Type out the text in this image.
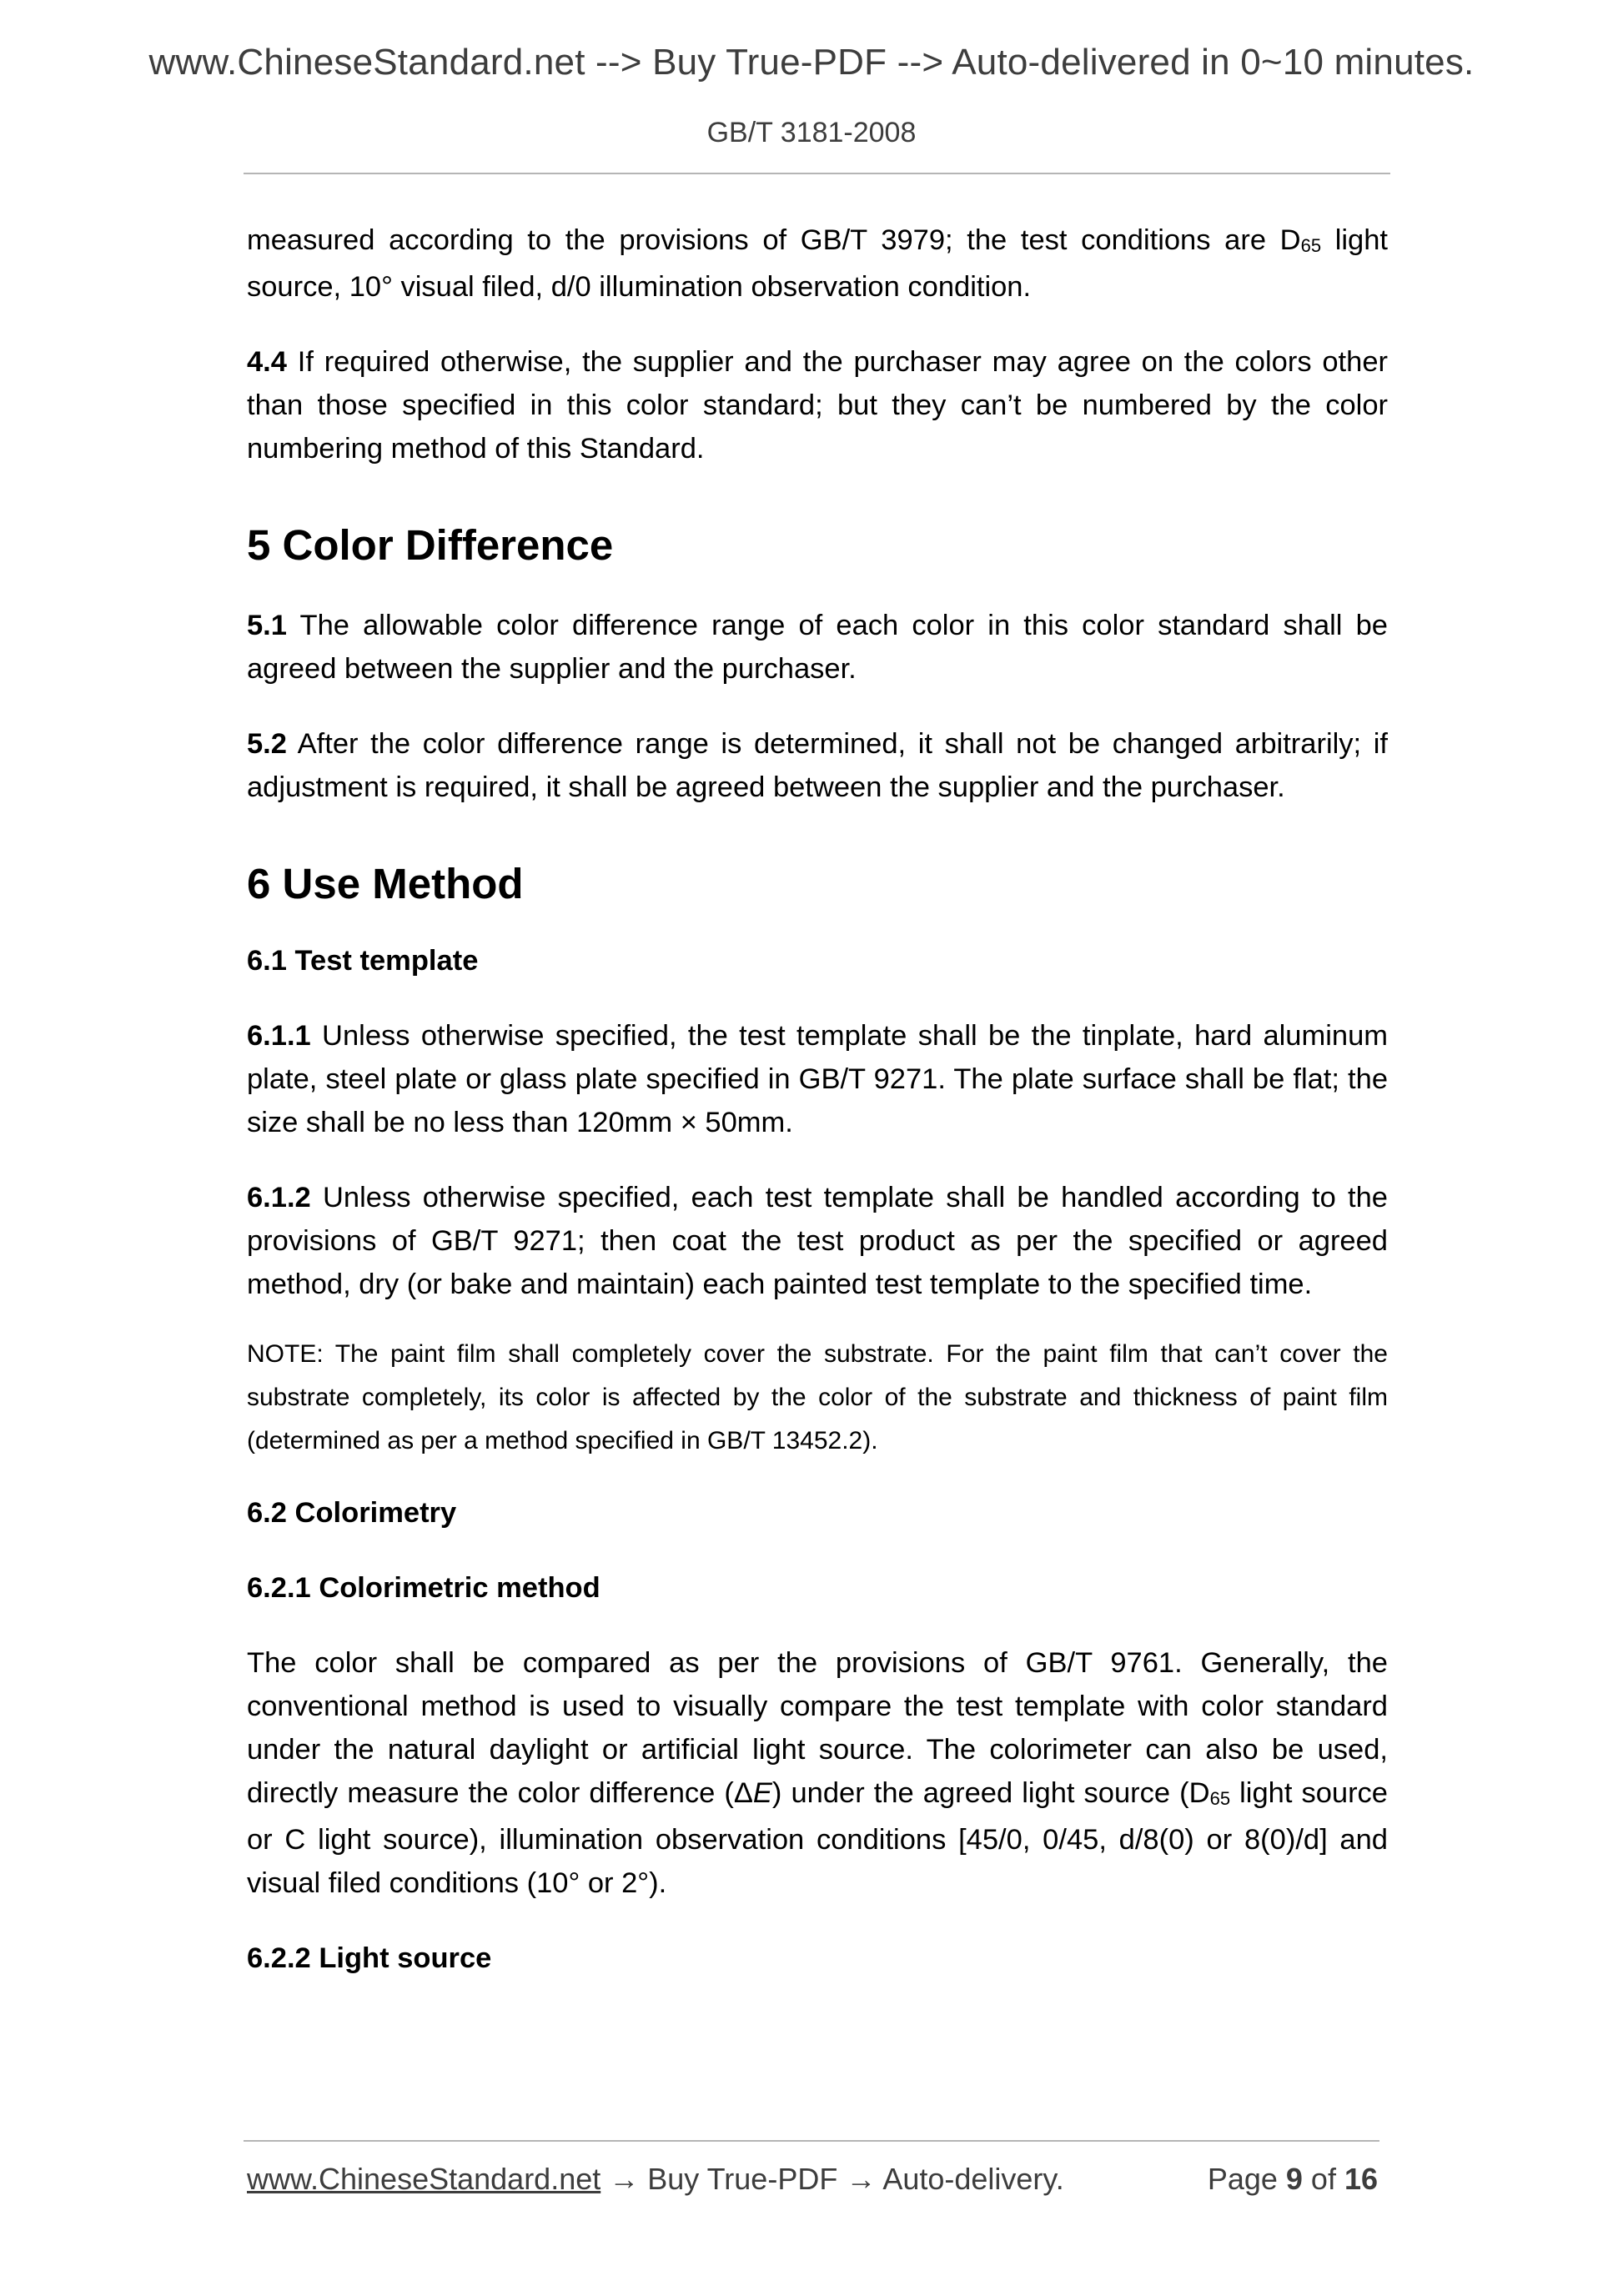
www.ChineseStandard.net --> Buy True-PDF --> Auto-delivered in 0~10 minutes.
GB/T 3181-2008

measured according to the provisions of GB/T 3979; the test conditions are $D_{65}$ light source, 10° visual filed, d/0 illumination observation condition.

4.4 If required otherwise, the supplier and the purchaser may agree on the colors other than those specified in this color standard; but they can’t be numbered by the color numbering method of this Standard.

5 Color Difference

5.1 The allowable color difference range of each color in this color standard shall be agreed between the supplier and the purchaser.

5.2 After the color difference range is determined, it shall not be changed arbitrarily; if adjustment is required, it shall be agreed between the supplier and the purchaser.

6 Use Method
6.1 Test template

6.1.1 Unless otherwise specified, the test template shall be the tinplate, hard aluminum plate, steel plate or glass plate specified in GB/T 9271. The plate surface shall be flat; the size shall be no less than 120mm × 50mm.

6.1.2 Unless otherwise specified, each test template shall be handled according to the provisions of GB/T 9271; then coat the test product as per the specified or agreed method, dry (or bake and maintain) each painted test template to the specified time.

NOTE: The paint film shall completely cover the substrate. For the paint film that can’t cover the substrate completely, its color is affected by the color of the substrate and thickness of paint film (determined as per a method specified in GB/T 13452.2).

6.2 Colorimetry
6.2.1 Colorimetric method

The color shall be compared as per the provisions of GB/T 9761. Generally, the conventional method is used to visually compare the test template with color standard under the natural daylight or artificial light source. The colorimeter can also be used, directly measure the color difference (ΔE) under the agreed light source ($D_{65}$ light source or C light source), illumination observation conditions [45/0, 0/45, d/8(0) or 8(0)/d] and visual filed conditions (10° or 2°).

6.2.2 Light source
www.ChineseStandard.net → Buy True-PDF → Auto-delivery.	Page 9 of 16
